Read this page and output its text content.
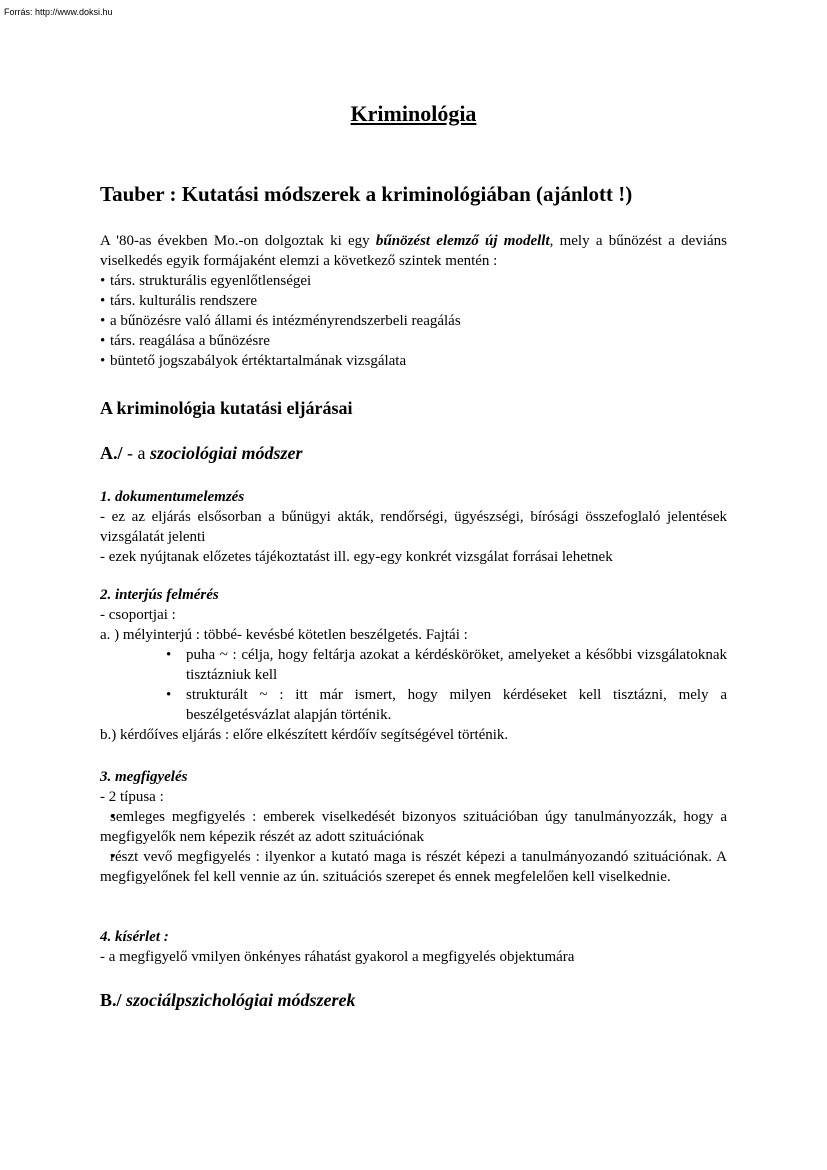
Forrás: http://www.doksi.hu
Kriminológia
Tauber : Kutatási módszerek a kriminológiában (ajánlott !)

A '80-as években Mo.-on dolgoztak ki egy bűnözést elemző új modellt, mely a bűnözést a deviáns viselkedés egyik formájaként elemzi a következő szintek mentén :

• társ. strukturális egyenlőtlenségei
• társ. kulturális rendszere
• a bűnözésre való állami és intézményrendszerbeli reagálás
• társ. reagálása a bűnözésre
• büntető jogszabályok értéktartalmának vizsgálata
A kriminológia kutatási eljárásai
A./ - a szociológiai módszer

1. dokumentumelemzés

- ez az eljárás elsősorban a bűnügyi akták, rendőrségi, ügyészségi, bírósági összefoglaló jelentések vizsgálatát jelenti

- ezek nyújtanak előzetes tájékoztatást ill. egy-egy konkrét vizsgálat forrásai lehetnek

2. interjús felmérés

- csoportjai :

a. ) mélyinterjú : többé- kevésbé kötetlen beszélgetés. Fajtái :

• puha ~ : célja, hogy feltárja azokat a kérdésköröket, amelyeket a későbbi vizsgálatoknak tisztázniuk kell
• strukturált ~ : itt már ismert, hogy milyen kérdéseket kell tisztázni, mely a beszélgetésvázlat alapján történik.

b.) kérdőíves eljárás : előre elkészített kérdőív segítségével történik.

3. megfigyelés

- 2 típusa :

• semleges megfigyelés : emberek viselkedését bizonyos szituációban úgy tanulmányozzák, hogy a megfigyelők nem képezik részét az adott szituációnak
• részt vevő megfigyelés : ilyenkor a kutató maga is részét képezi a tanulmányozandó szituációnak. A megfigyelőnek fel kell vennie az ún. szituációs szerepet és ennek megfelelően kell viselkednie.

4. kísérlet :

- a megfigyelő vmilyen önkényes ráhatást gyakorol a megfigyelés objektumára

B./ szociálpszichológiai módszerek
